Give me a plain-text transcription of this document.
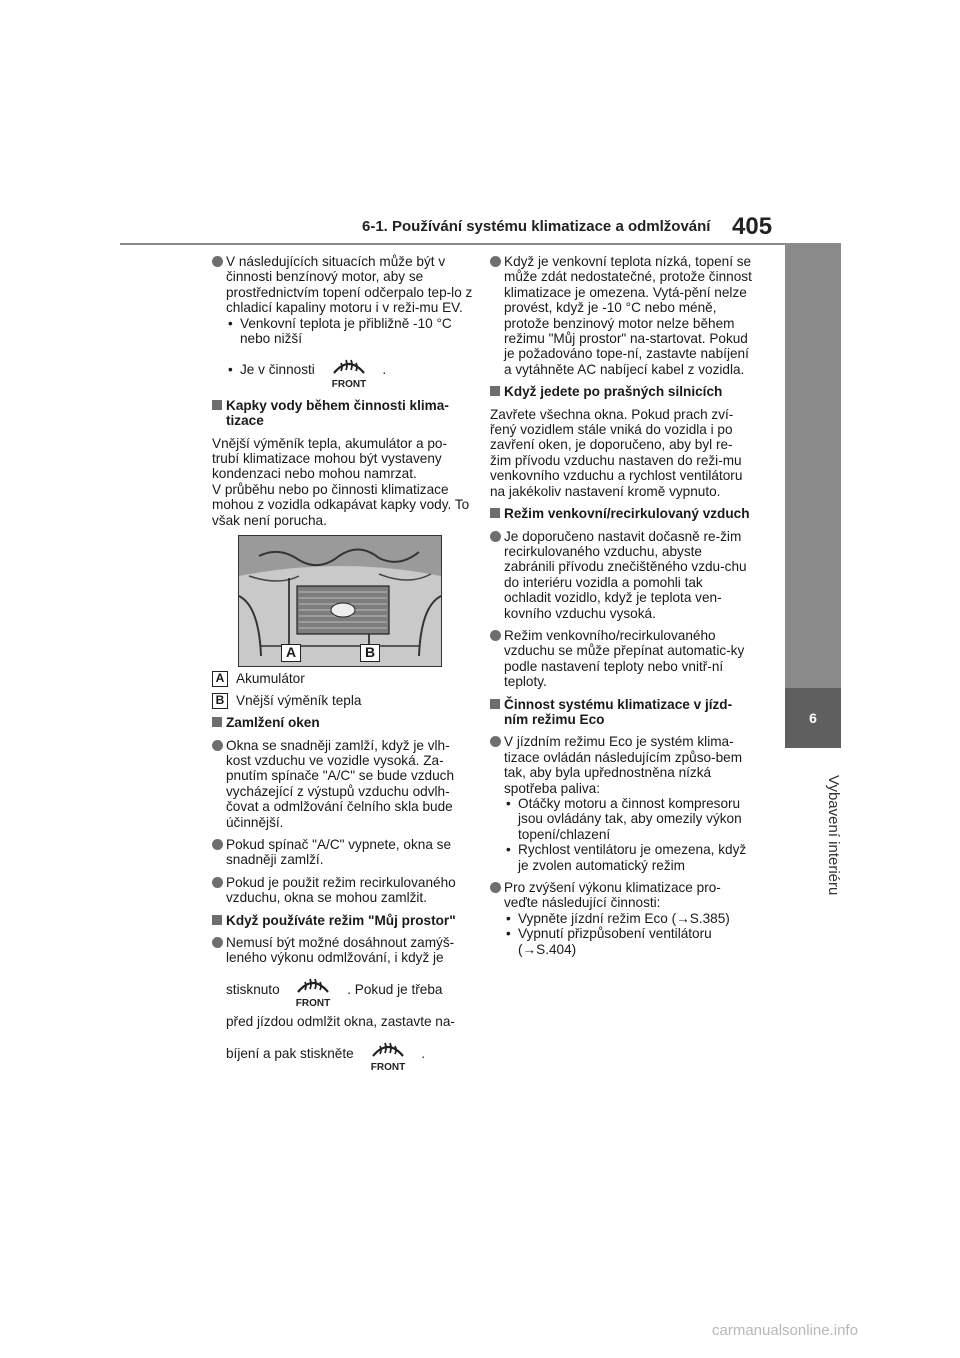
6-1. Používání systému klimatizace a odmlžování 405
6
Vybavení interiéru
V následujících situacích může být v činnosti benzínový motor, aby se prostřednictvím topení odčerpalo tep-lo z chladicí kapaliny motoru i v reži-mu EV.
• Venkovní teplota je přibližně -10 °C nebo nižší
• Je v činnosti
FRONT
.
Kapky vody během činnosti klima-tizace
Vnější výměník tepla, akumulátor a po-trubí klimatizace mohou být vystaveny kondenzaci nebo mohou namrzat.
V průběhu nebo po činnosti klimatizace mohou z vozidla odkapávat kapky vody. To však není porucha.
A	B
A Akumulátor
B Vnější výměník tepla
Zamlžení oken
Okna se snadněji zamlží, když je vlh-kost vzduchu ve vozidle vysoká. Za-pnutím spínače "A/C" se bude vzduch vycházející z výstupů vzduchu odvlh-čovat a odmlžování čelního skla bude účinnější.
Pokud spínač "A/C" vypnete, okna se snadněji zamlží.
Pokud je použit režim recirkulovaného vzduchu, okna se mohou zamlžit.
Když používáte režim "Můj prostor"
Nemusí být možné dosáhnout zamýš-leného výkonu odmlžování, i když je
stisknuto
FRONT
. Pokud je třeba
před jízdou odmlžit okna, zastavte na-
bíjení a pak stiskněte
FRONT
.
Když je venkovní teplota nízká, topení se může zdát nedostatečné, protože činnost klimatizace je omezena. Vytá-pění nelze provést, když je -10 °C nebo méně, protože benzinový motor nelze během režimu "Můj prostor" na-startovat. Pokud je požadováno tope-ní, zastavte nabíjení a vytáhněte AC nabíjecí kabel z vozidla.
Když jedete po prašných silnicích
Zavřete všechna okna. Pokud prach zví-řený vozidlem stále vniká do vozidla i po zavření oken, je doporučeno, aby byl re-žim přívodu vzduchu nastaven do reži-mu venkovního vzduchu a rychlost ventilátoru na jakékoliv nastavení kromě vypnuto.
Režim venkovní/recirkulovaný vzduch
Je doporučeno nastavit dočasně re-žim recirkulovaného vzduchu, abyste zabránili přívodu znečištěného vzdu-chu do interiéru vozidla a pomohli tak ochladit vozidlo, když je teplota ven-kovního vzduchu vysoká.
Režim venkovního/recirkulovaného vzduchu se může přepínat automatic-ky podle nastavení teploty nebo vnitř-ní teploty.
Činnost systému klimatizace v jízd-ním režimu Eco
V jízdním režimu Eco je systém klima-tizace ovládán následujícím způso-bem tak, aby byla upřednostněna nízká spotřeba paliva:
• Otáčky motoru a činnost kompresoru jsou ovládány tak, aby omezily výkon topení/chlazení
• Rychlost ventilátoru je omezena, když je zvolen automatický režim
Pro zvýšení výkonu klimatizace pro-veďte následující činnosti:
• Vypněte jízdní režim Eco (→S.385)
• Vypnutí přizpůsobení ventilátoru (→S.404)
carmanualsonline.info
